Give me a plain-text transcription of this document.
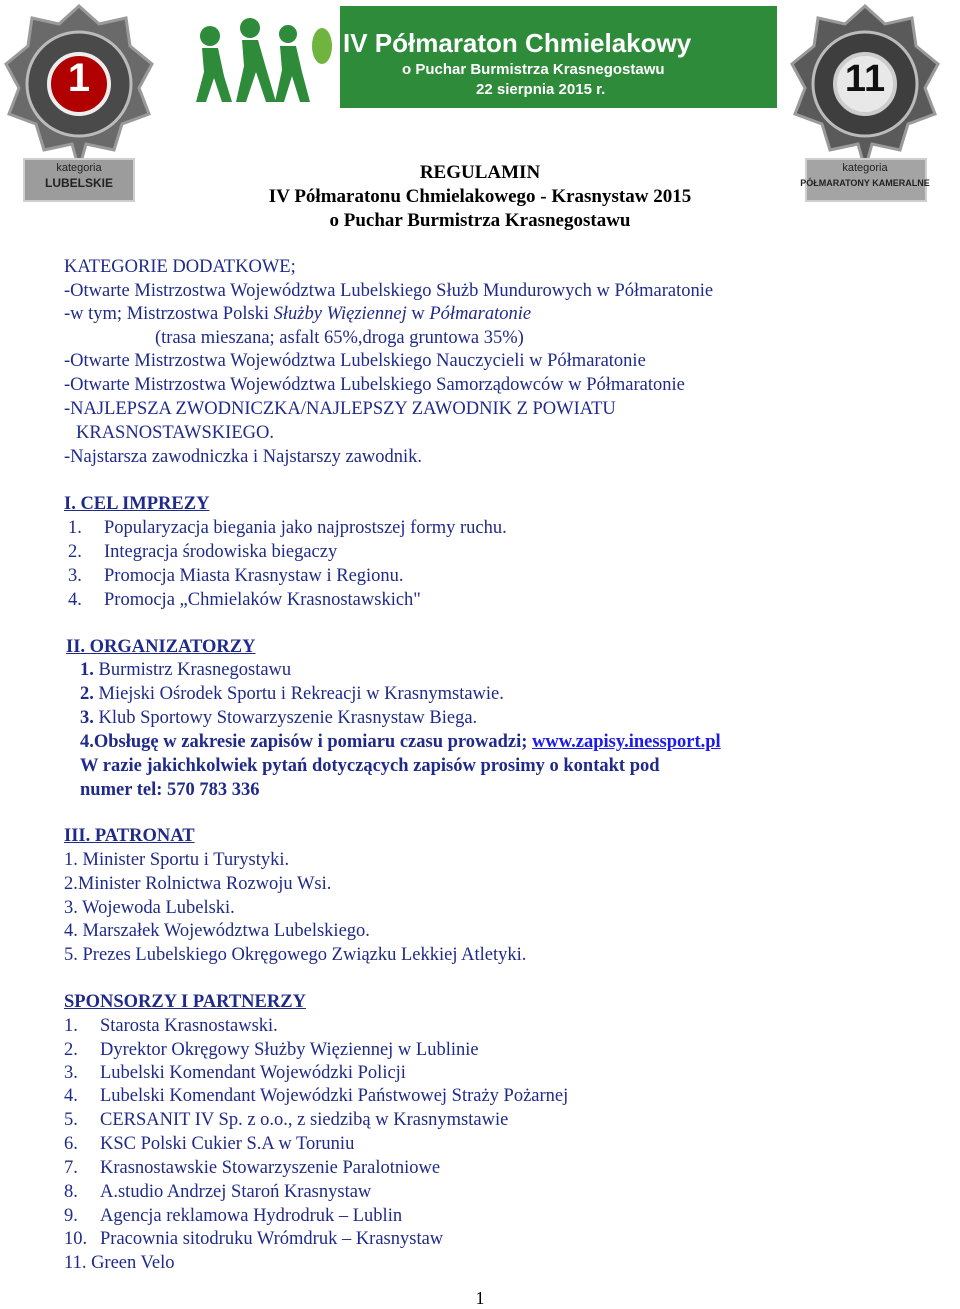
1
kategoria
LUBELSKIE
IV Półmaraton Chmielakowy
o Puchar Burmistrza Krasnegostawu
22 sierpnia 2015 r.	11
kategoria
PÓŁMARATONY KAMERALNE
REGULAMIN
IV Półmaratonu Chmielakowego - Krasnystaw 2015
o Puchar Burmistrza Krasnegostawu
KATEGORIE DODATKOWE;
-Otwarte Mistrzostwa Województwa Lubelskiego Służb Mundurowych w Półmaratonie
-w tym; Mistrzostwa Polski Służby Więziennej w Półmaratonie
(trasa mieszana; asfalt 65%,droga gruntowa 35%)
-Otwarte Mistrzostwa Województwa Lubelskiego Nauczycieli w Półmaratonie
-Otwarte Mistrzostwa Województwa Lubelskiego Samorządowców w Półmaratonie
-NAJLEPSZA ZWODNICZKA/NAJLEPSZY ZAWODNIK Z POWIATU
KRASNOSTAWSKIEGO.
-Najstarsza zawodniczka i Najstarszy zawodnik.
I. CEL IMPREZY
1. Popularyzacja biegania jako najprostszej formy ruchu.
2. Integracja środowiska biegaczy
3. Promocja Miasta Krasnystaw i Regionu.
4. Promocja „Chmielaków Krasnostawskich"
II. ORGANIZATORZY
1. Burmistrz Krasnegostawu
2. Miejski Ośrodek Sportu i Rekreacji w Krasnymstawie.
3. Klub Sportowy Stowarzyszenie Krasnystaw Biega.
4.Obsługę w zakresie zapisów i pomiaru czasu prowadzi; www.zapisy.inessport.pl
W razie jakichkolwiek pytań dotyczących zapisów prosimy o kontakt pod
numer tel: 570 783 336
III. PATRONAT
1. Minister Sportu i Turystyki.
2.Minister Rolnictwa Rozwoju Wsi.
3. Wojewoda Lubelski.
4. Marszałek Województwa Lubelskiego.
5. Prezes Lubelskiego Okręgowego Związku Lekkiej Atletyki.
SPONSORZY I PARTNERZY
1. Starosta Krasnostawski.
2. Dyrektor Okręgowy Służby Więziennej w Lublinie
3. Lubelski Komendant Wojewódzki Policji
4. Lubelski Komendant Wojewódzki Państwowej Straży Pożarnej
5. CERSANIT IV Sp. z o.o., z siedzibą w Krasnymstawie
6. KSC Polski Cukier S.A w Toruniu
7. Krasnostawskie Stowarzyszenie Paralotniowe
8. A.studio Andrzej Staroń Krasnystaw
9. Agencja reklamowa Hydrodruk – Lublin
10. Pracownia sitodruku Wrómdruk – Krasnystaw
11. Green Velo
1
